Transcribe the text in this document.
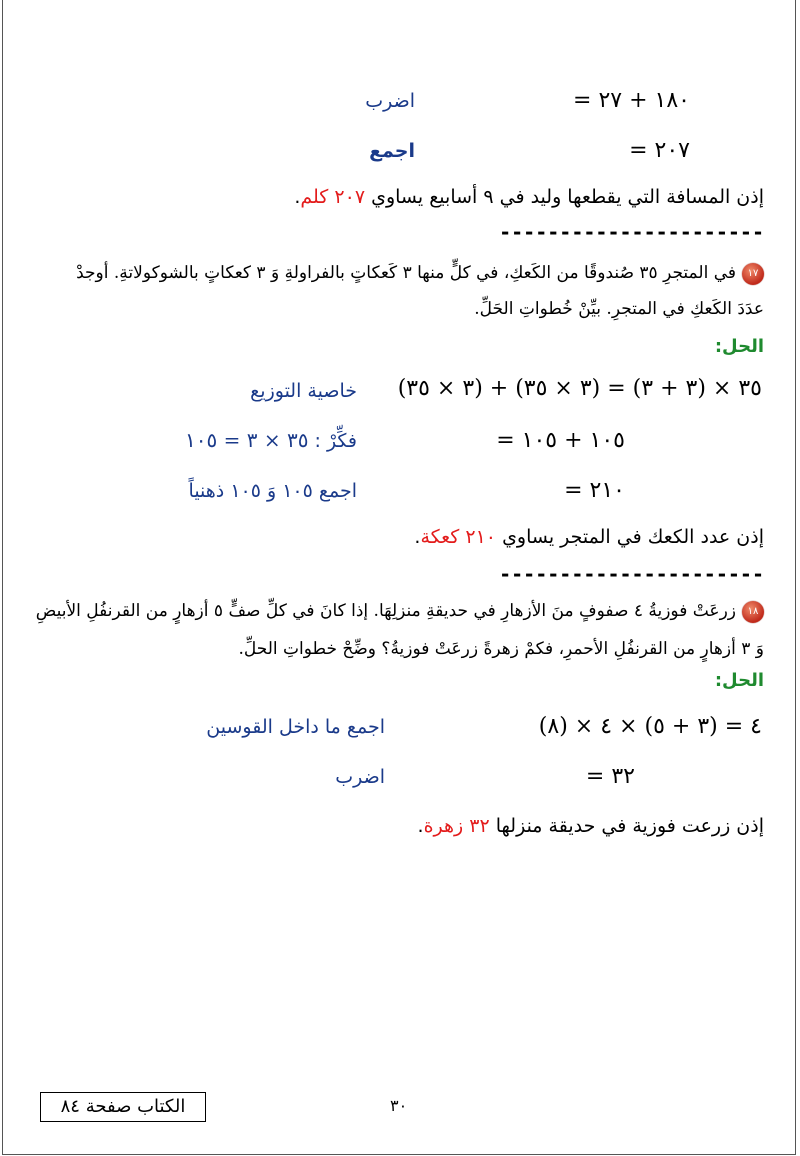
= ١٨٠ + ٢٧
اضرب
= ٢٠٧
اجمع
إذن المسافة التي يقطعها وليد في ٩ أسابيع يساوي ٢٠٧ كلم.
----------------------
١٧في المتجرِ ٣٥ صُندوقًا من الكَعكِ، في كلٍّ منها ٣ كَعكاتٍ بالفراولةِ وَ ٣ كعكاتٍ بالشوكولاتةِ. أوجدْ
عدَدَ الكَعكِ في المتجرِ. بيِّنْ خُطواتِ الحَلِّ.
الحل:
(٣ × ٣٥) + (٣ × ٣٥) = (٣ + ٣) × ٣٥
خاصية التوزيع
= ١٠٥ + ١٠٥
فكِّرْ : ٣٥ × ٣ = ١٠٥
= ٢١٠
اجمع ١٠٥ وَ ١٠٥ ذهنياً
إذن عدد الكعك في المتجر يساوي ٢١٠ كعكة.
----------------------
١٨زرعَتْ فوزيةُ ٤ صفوفٍ منَ الأزهارِ في حديقةِ منزلِهَا. إذا كانَ في كلِّ صفٍّ ٥ أزهارٍ من القرنفُلِ الأبيضِ
وَ ٣ أزهارٍ من القرنفُلِ الأحمرِ، فكمْ زهرةً زرعَتْ فوزيةُ؟ وضِّحْ خطواتِ الحلِّ.
الحل:
(٨) × ٤ = (٣ + ٥) × ٤
اجمع ما داخل القوسين
= ٣٢
اضرب
إذن زرعت فوزية في حديقة منزلها ٣٢ زهرة.
٣٠
الكتاب صفحة ٨٤
